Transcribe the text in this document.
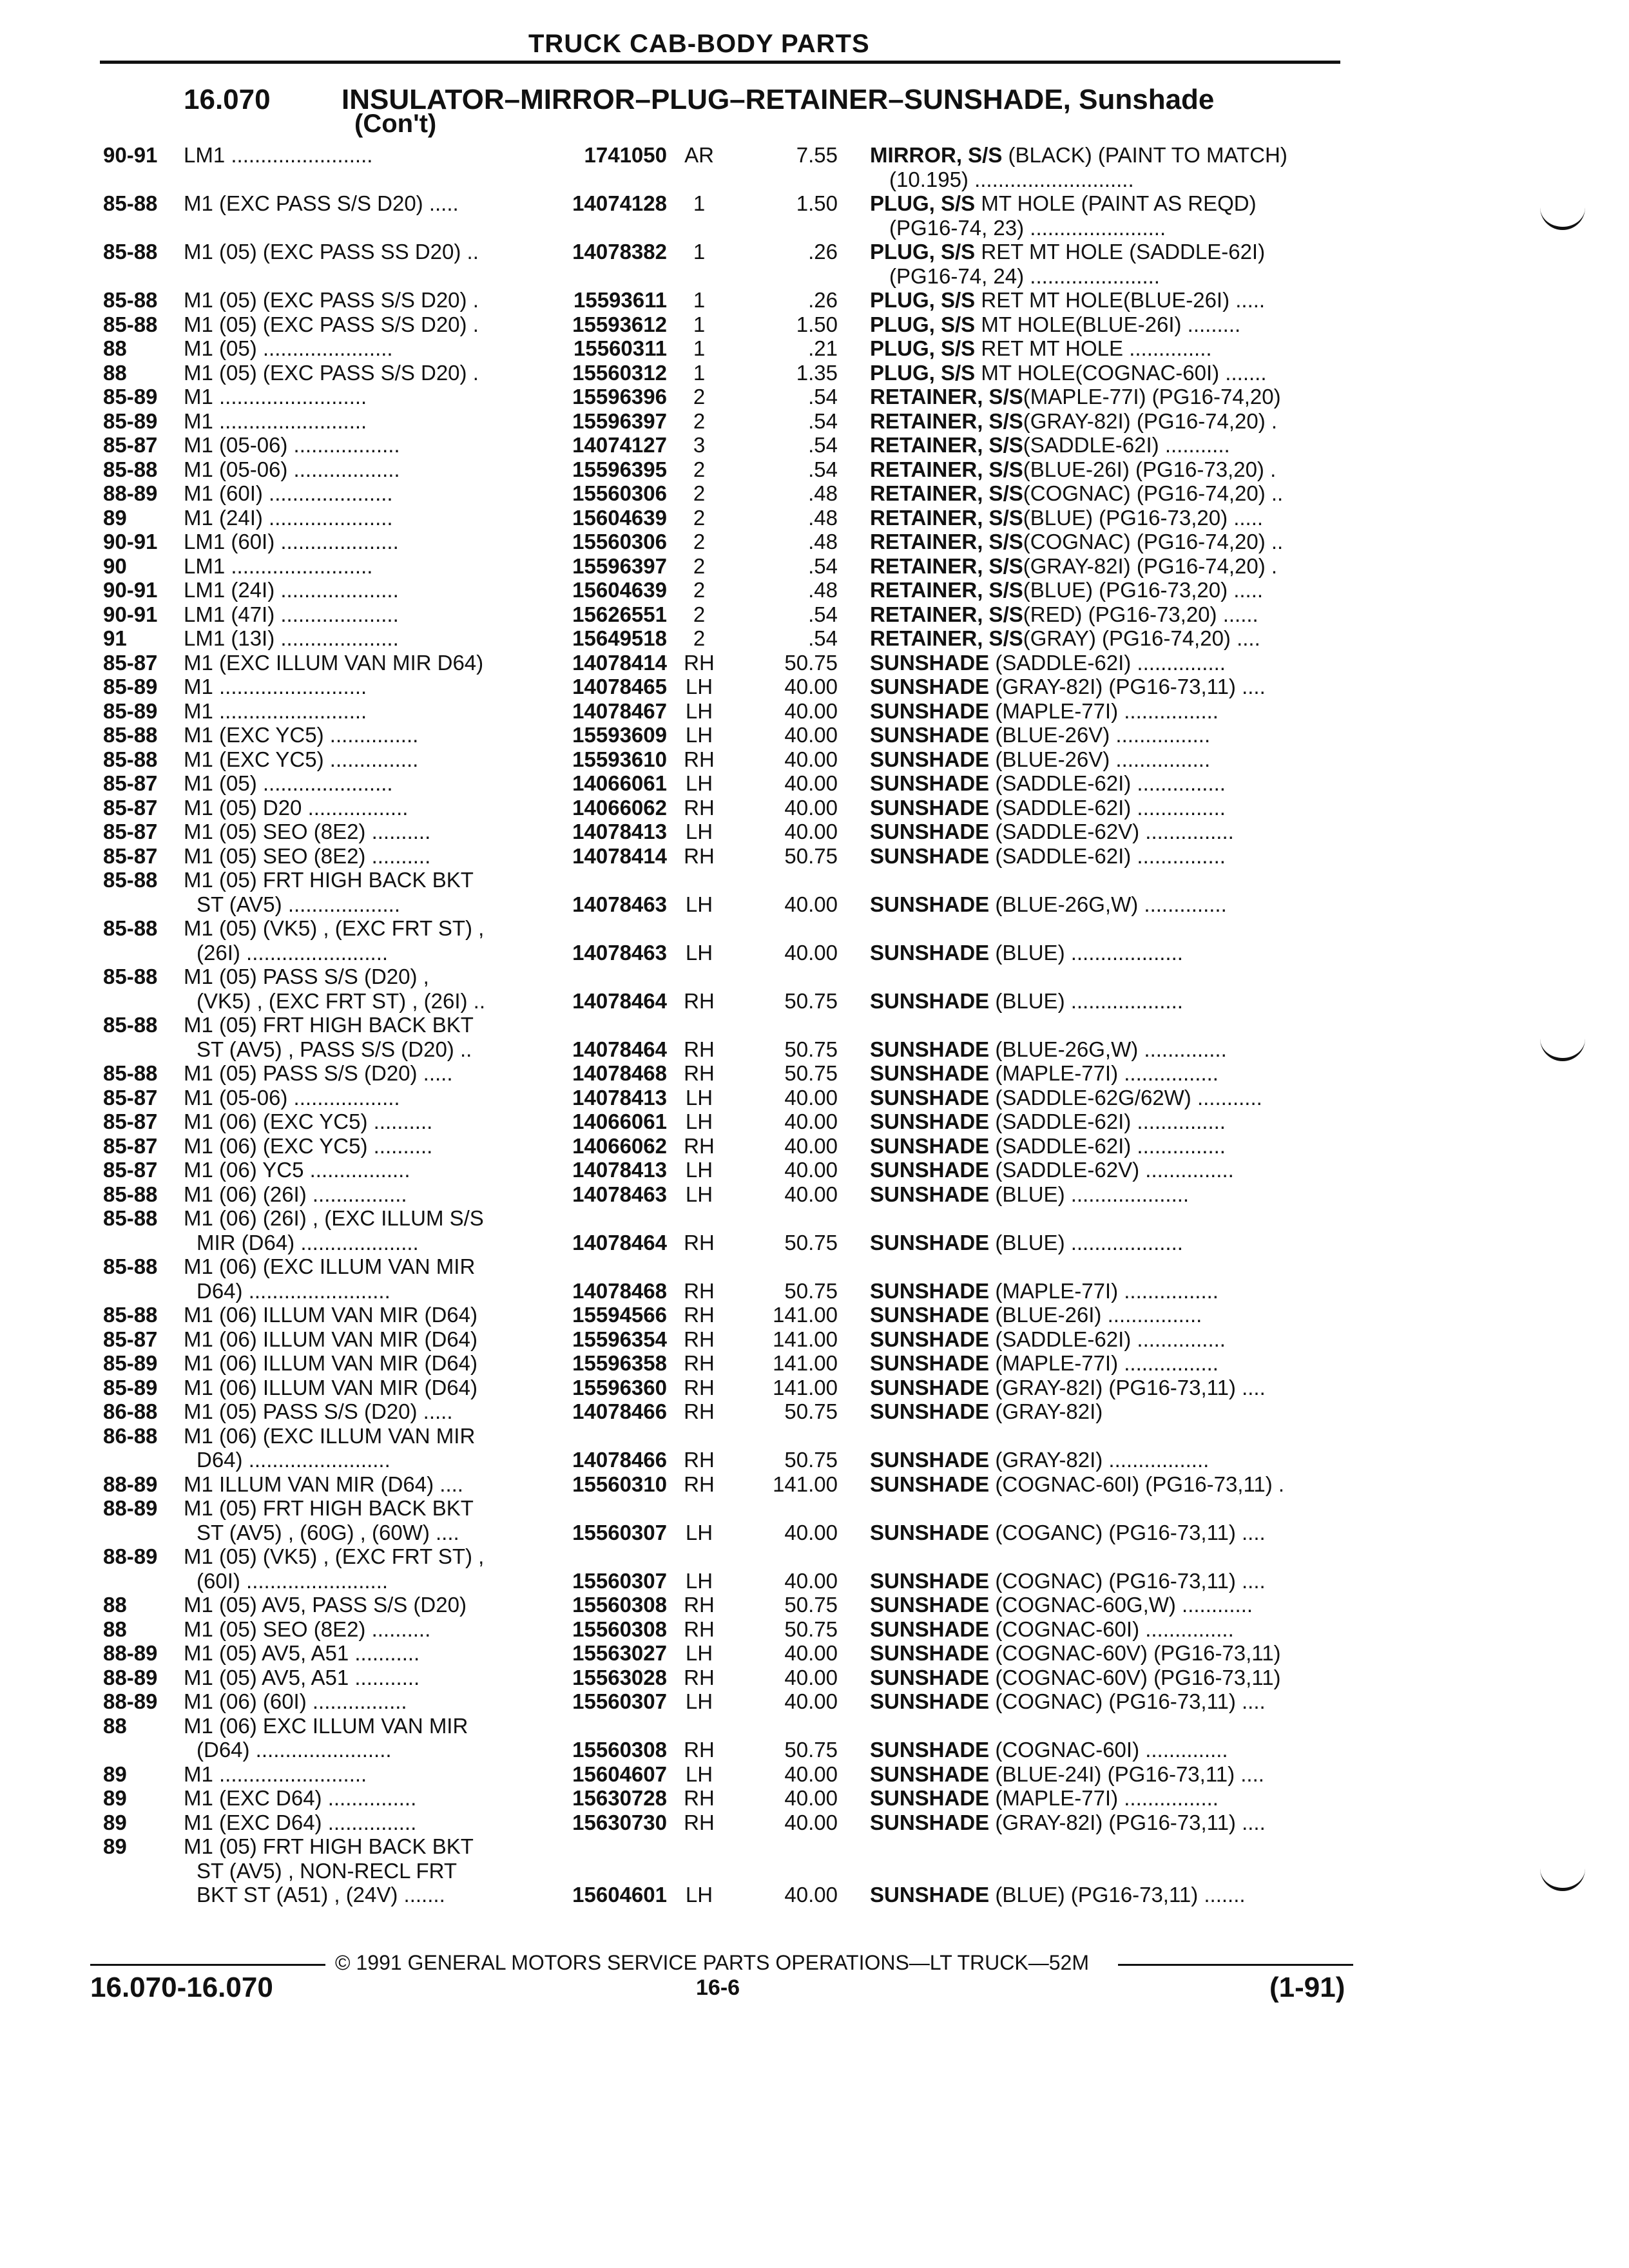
TRUCK CAB-BODY PARTS
16.070	INSULATOR–MIRROR–PLUG–RETAINER–SUNSHADE, Sunshade
(Con't)
90-91 LM1 ........................	1741050 AR	7.55 MIRROR, S/S (BLACK) (PAINT TO MATCH)
(10.195) ...........................
85-88 M1 (EXC PASS S/S D20) .....	14074128	1	1.50 PLUG, S/S MT HOLE (PAINT AS REQD)
(PG16-74, 23) .......................
85-88 M1 (05) (EXC PASS SS D20) ..	14078382	1	.26 PLUG, S/S RET MT HOLE (SADDLE-62I)
(PG16-74, 24) ......................
85-88 M1 (05) (EXC PASS S/S D20) .	15593611	1	.26 PLUG, S/S RET MT HOLE(BLUE-26I) .....
85-88 M1 (05) (EXC PASS S/S D20) .	15593612	1	1.50 PLUG, S/S MT HOLE(BLUE-26I) .........
88	M1 (05) ......................	15560311	1	.21 PLUG, S/S RET MT HOLE ..............
88	M1 (05) (EXC PASS S/S D20) .	15560312	1	1.35 PLUG, S/S MT HOLE(COGNAC-60I) .......
85-89 M1 .........................	15596396	2	.54 RETAINER, S/S(MAPLE-77I) (PG16-74,20)
85-89 M1 .........................	15596397	2	.54 RETAINER, S/S(GRAY-82I) (PG16-74,20) .
85-87 M1 (05-06) ..................	14074127	3	.54 RETAINER, S/S(SADDLE-62I) ...........
85-88 M1 (05-06) ..................	15596395	2	.54 RETAINER, S/S(BLUE-26I) (PG16-73,20) .
88-89 M1 (60I) .....................	15560306	2	.48 RETAINER, S/S(COGNAC) (PG16-74,20) ..
89	M1 (24I) .....................	15604639	2	.48 RETAINER, S/S(BLUE) (PG16-73,20) .....
90-91 LM1 (60I) ....................	15560306	2	.48 RETAINER, S/S(COGNAC) (PG16-74,20) ..
90	LM1 ........................	15596397	2	.54 RETAINER, S/S(GRAY-82I) (PG16-74,20) .
90-91 LM1 (24I) ....................	15604639	2	.48 RETAINER, S/S(BLUE) (PG16-73,20) .....
90-91 LM1 (47I) ....................	15626551	2	.54 RETAINER, S/S(RED) (PG16-73,20) ......
91	LM1 (13I) ....................	15649518	2	.54 RETAINER, S/S(GRAY) (PG16-74,20) ....
85-87 M1 (EXC ILLUM VAN MIR D64)	14078414 RH	50.75 SUNSHADE (SADDLE-62I) ...............
85-89 M1 .........................	14078465 LH	40.00 SUNSHADE (GRAY-82I) (PG16-73,11) ....
85-89 M1 .........................	14078467 LH	40.00 SUNSHADE (MAPLE-77I) ................
85-88 M1 (EXC YC5) ...............	15593609 LH	40.00 SUNSHADE (BLUE-26V) ................
85-88 M1 (EXC YC5) ...............	15593610 RH	40.00 SUNSHADE (BLUE-26V) ................
85-87 M1 (05) ......................	14066061 LH	40.00 SUNSHADE (SADDLE-62I) ...............
85-87 M1 (05) D20 .................	14066062 RH	40.00 SUNSHADE (SADDLE-62I) ...............
85-87 M1 (05) SEO (8E2) ..........	14078413 LH	40.00 SUNSHADE (SADDLE-62V) ...............
85-87 M1 (05) SEO (8E2) ..........	14078414 RH	50.75 SUNSHADE (SADDLE-62I) ...............
85-88 M1 (05) FRT HIGH BACK BKT
ST (AV5) ...................	14078463 LH	40.00 SUNSHADE (BLUE-26G,W) ..............
85-88 M1 (05) (VK5) , (EXC FRT ST) ,
(26I) ........................	14078463 LH	40.00 SUNSHADE (BLUE) ...................
85-88 M1 (05) PASS S/S (D20) ,
(VK5) , (EXC FRT ST) , (26I) ..	14078464 RH	50.75 SUNSHADE (BLUE) ...................
85-88 M1 (05) FRT HIGH BACK BKT
ST (AV5) , PASS S/S (D20) ..	14078464 RH	50.75 SUNSHADE (BLUE-26G,W) ..............
85-88 M1 (05) PASS S/S (D20) .....	14078468 RH	50.75 SUNSHADE (MAPLE-77I) ................
85-87 M1 (05-06) ..................	14078413 LH	40.00 SUNSHADE (SADDLE-62G/62W) ...........
85-87 M1 (06) (EXC YC5) ..........	14066061 LH	40.00 SUNSHADE (SADDLE-62I) ...............
85-87 M1 (06) (EXC YC5) ..........	14066062 RH	40.00 SUNSHADE (SADDLE-62I) ...............
85-87 M1 (06) YC5 .................	14078413 LH	40.00 SUNSHADE (SADDLE-62V) ...............
85-88 M1 (06) (26I) ................	14078463 LH	40.00 SUNSHADE (BLUE) ....................
85-88 M1 (06) (26I) , (EXC ILLUM S/S
MIR (D64) ....................	14078464 RH	50.75 SUNSHADE (BLUE) ...................
85-88 M1 (06) (EXC ILLUM VAN MIR
D64) ........................	14078468 RH	50.75 SUNSHADE (MAPLE-77I) ................
85-88 M1 (06) ILLUM VAN MIR (D64)	15594566 RH	141.00 SUNSHADE (BLUE-26I) ................
85-87 M1 (06) ILLUM VAN MIR (D64)	15596354 RH	141.00 SUNSHADE (SADDLE-62I) ...............
85-89 M1 (06) ILLUM VAN MIR (D64)	15596358 RH	141.00 SUNSHADE (MAPLE-77I) ................
85-89 M1 (06) ILLUM VAN MIR (D64)	15596360 RH	141.00 SUNSHADE (GRAY-82I) (PG16-73,11) ....
86-88 M1 (05) PASS S/S (D20) .....	14078466 RH	50.75 SUNSHADE (GRAY-82I)
86-88 M1 (06) (EXC ILLUM VAN MIR
D64) ........................	14078466 RH	50.75 SUNSHADE (GRAY-82I) .................
88-89 M1 ILLUM VAN MIR (D64) ....	15560310 RH	141.00 SUNSHADE (COGNAC-60I) (PG16-73,11) .
88-89 M1 (05) FRT HIGH BACK BKT
ST (AV5) , (60G) , (60W) ....	15560307 LH	40.00 SUNSHADE (COGANC) (PG16-73,11) ....
88-89 M1 (05) (VK5) , (EXC FRT ST) ,
(60I) ........................	15560307 LH	40.00 SUNSHADE (COGNAC) (PG16-73,11) ....
88	M1 (05) AV5, PASS S/S (D20)	15560308 RH	50.75 SUNSHADE (COGNAC-60G,W) ............
88	M1 (05) SEO (8E2) ..........	15560308 RH	50.75 SUNSHADE (COGNAC-60I) ...............
88-89 M1 (05) AV5, A51 ...........	15563027 LH	40.00 SUNSHADE (COGNAC-60V) (PG16-73,11)
88-89 M1 (05) AV5, A51 ...........	15563028 RH	40.00 SUNSHADE (COGNAC-60V) (PG16-73,11)
88-89 M1 (06) (60I) ................	15560307 LH	40.00 SUNSHADE (COGNAC) (PG16-73,11) ....
88	M1 (06) EXC ILLUM VAN MIR
(D64) .......................	15560308 RH	50.75 SUNSHADE (COGNAC-60I) ..............
89	M1 .........................	15604607 LH	40.00 SUNSHADE (BLUE-24I) (PG16-73,11) ....
89	M1 (EXC D64) ...............	15630728 RH	40.00 SUNSHADE (MAPLE-77I) ................
89	M1 (EXC D64) ...............	15630730 RH	40.00 SUNSHADE (GRAY-82I) (PG16-73,11) ....
89	M1 (05) FRT HIGH BACK BKT
ST (AV5) , NON-RECL FRT
BKT ST (A51) , (24V) .......	15604601 LH	40.00 SUNSHADE (BLUE) (PG16-73,11) .......
© 1991 GENERAL MOTORS SERVICE PARTS OPERATIONS—LT TRUCK—52M
16.070-16.070	16-6	(1-91)
